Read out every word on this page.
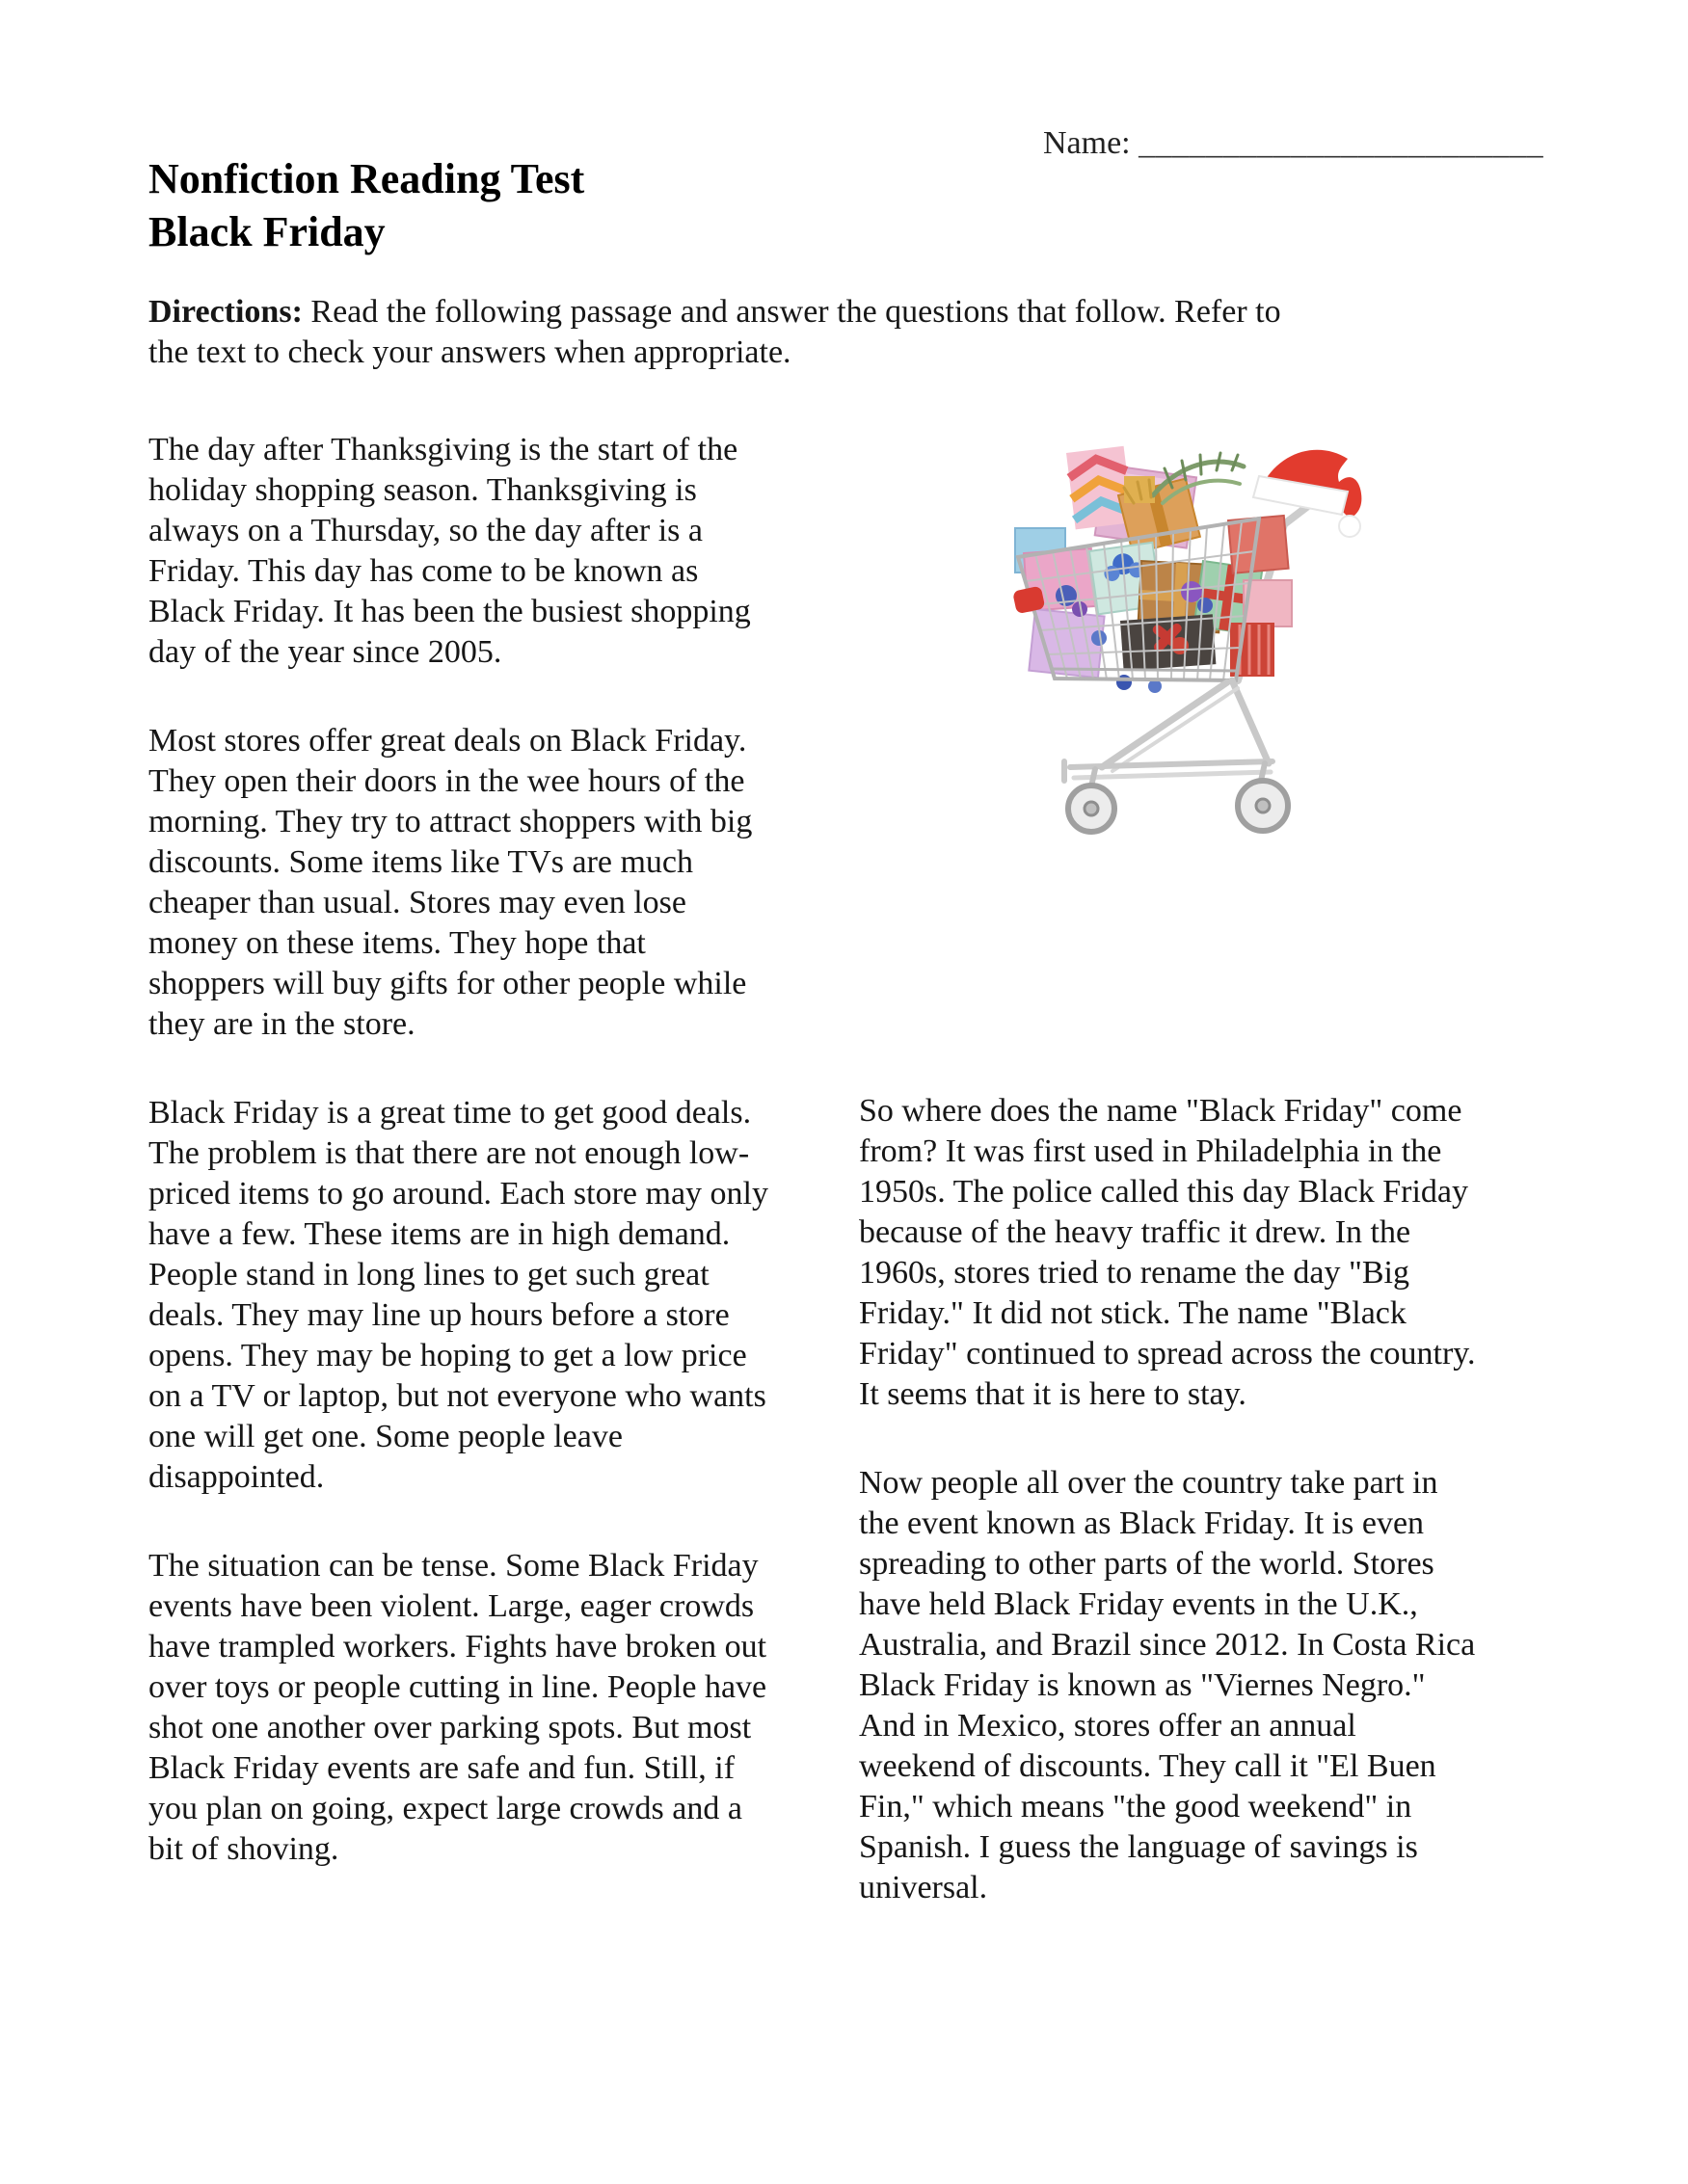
Name: ________________________
Nonfiction Reading Test
Black Friday
Directions: Read the following passage and answer the questions that follow. Refer to
the text to check your answers when appropriate.
The day after Thanksgiving is the start of the
holiday shopping season. Thanksgiving is
always on a Thursday, so the day after is a
Friday. This day has come to be known as
Black Friday. It has been the busiest shopping
day of the year since 2005.
Most stores offer great deals on Black Friday.
They open their doors in the wee hours of the
morning. They try to attract shoppers with big
discounts. Some items like TVs are much
cheaper than usual. Stores may even lose
money on these items. They hope that
shoppers will buy gifts for other people while
they are in the store.
Black Friday is a great time to get good deals.
The problem is that there are not enough low-
priced items to go around. Each store may only
have a few. These items are in high demand.
People stand in long lines to get such great
deals. They may line up hours before a store
opens. They may be hoping to get a low price
on a TV or laptop, but not everyone who wants
one will get one. Some people leave
disappointed.
The situation can be tense. Some Black Friday
events have been violent. Large, eager crowds
have trampled workers. Fights have broken out
over toys or people cutting in line. People have
shot one another over parking spots. But most
Black Friday events are safe and fun. Still, if
you plan on going, expect large crowds and a
bit of shoving.
So where does the name "Black Friday" come
from? It was first used in Philadelphia in the
1950s. The police called this day Black Friday
because of the heavy traffic it drew. In the
1960s, stores tried to rename the day "Big
Friday." It did not stick. The name "Black
Friday" continued to spread across the country.
It seems that it is here to stay.
Now people all over the country take part in
the event known as Black Friday. It is even
spreading to other parts of the world. Stores
have held Black Friday events in the U.K.,
Australia, and Brazil since 2012. In Costa Rica
Black Friday is known as "Viernes Negro."
And in Mexico, stores offer an annual
weekend of discounts. They call it "El Buen
Fin," which means "the good weekend" in
Spanish. I guess the language of savings is
universal.
